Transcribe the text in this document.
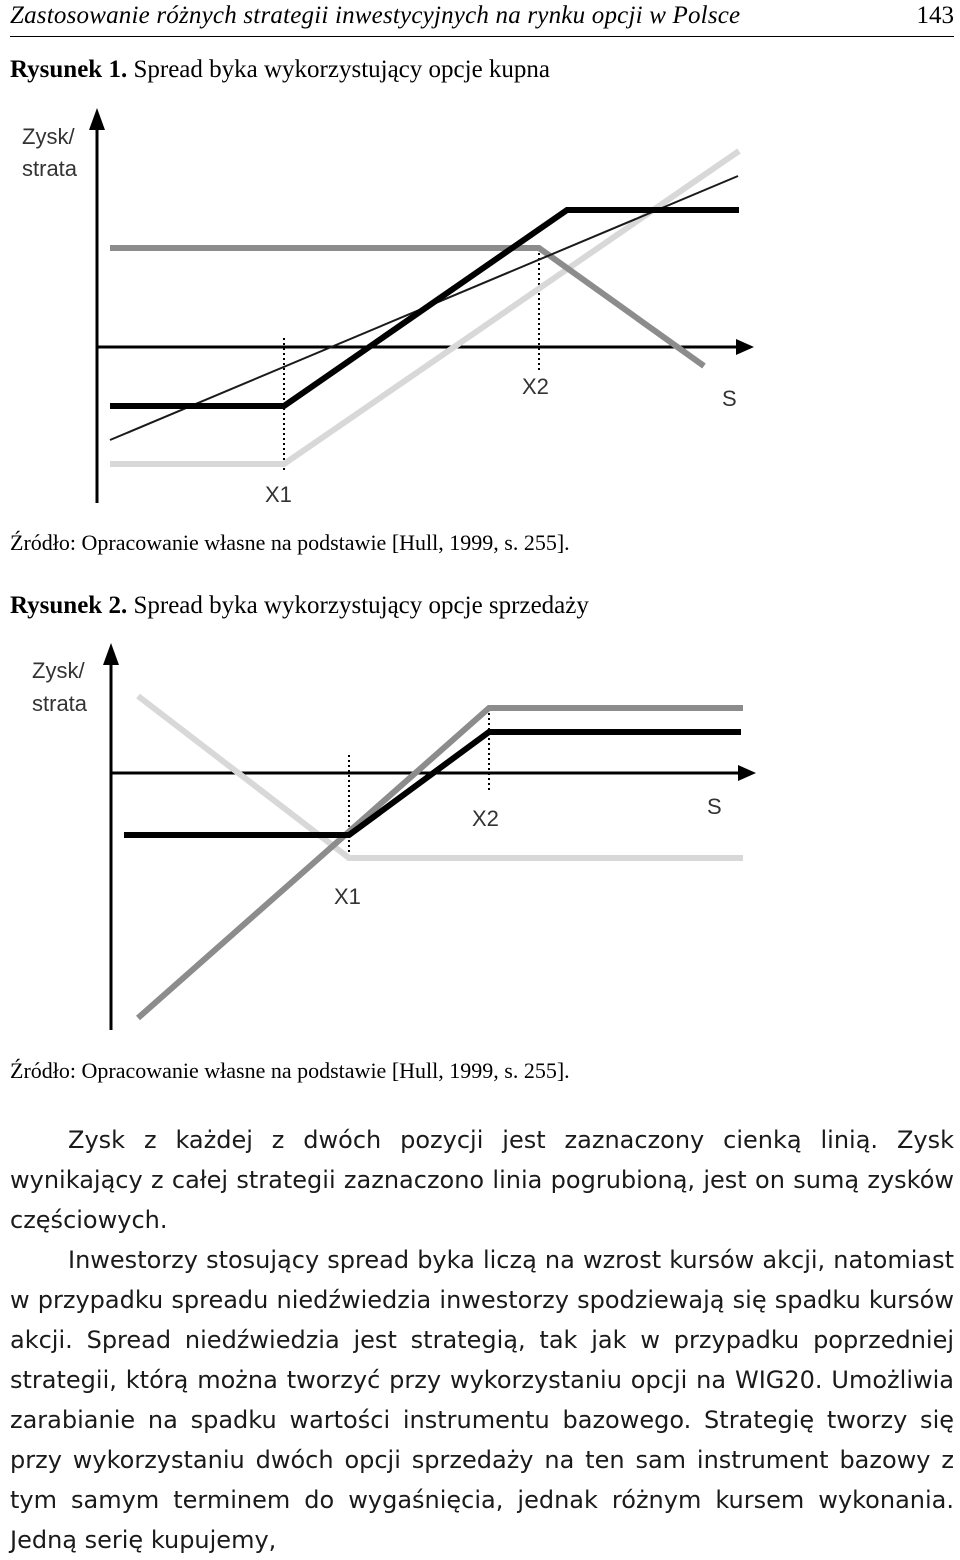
Zastosowanie różnych strategii inwestycyjnych na rynku opcji w Polsce	143
Rysunek 1. Spread byka wykorzystujący opcje kupna
Zysk/
strata
X2	S
X1
Źródło: Opracowanie własne na podstawie [Hull, 1999, s. 255].
Rysunek 2. Spread byka wykorzystujący opcje sprzedaży
Zysk/
strata
X2	S
X1
Źródło: Opracowanie własne na podstawie [Hull, 1999, s. 255].

Zysk z każdej z dwóch pozycji jest zaznaczony cienką linią. Zysk wynikający z całej strategii zaznaczono linia pogrubioną, jest on sumą zysków częściowych.

Inwestorzy stosujący spread byka liczą na wzrost kursów akcji, natomiast w przypadku spreadu niedźwiedzia inwestorzy spodziewają się spadku kursów akcji. Spread niedźwiedzia jest strategią, tak jak w przypadku poprzedniej strategii, którą można tworzyć przy wykorzystaniu opcji na WIG20. Umożliwia zarabianie na spadku wartości instrumentu bazowego. Strategię tworzy się przy wykorzystaniu dwóch opcji sprzedaży na ten sam instrument bazowy z tym samym terminem do wygaśnięcia, jednak różnym kursem wykonania. Jedną serię kupujemy,
